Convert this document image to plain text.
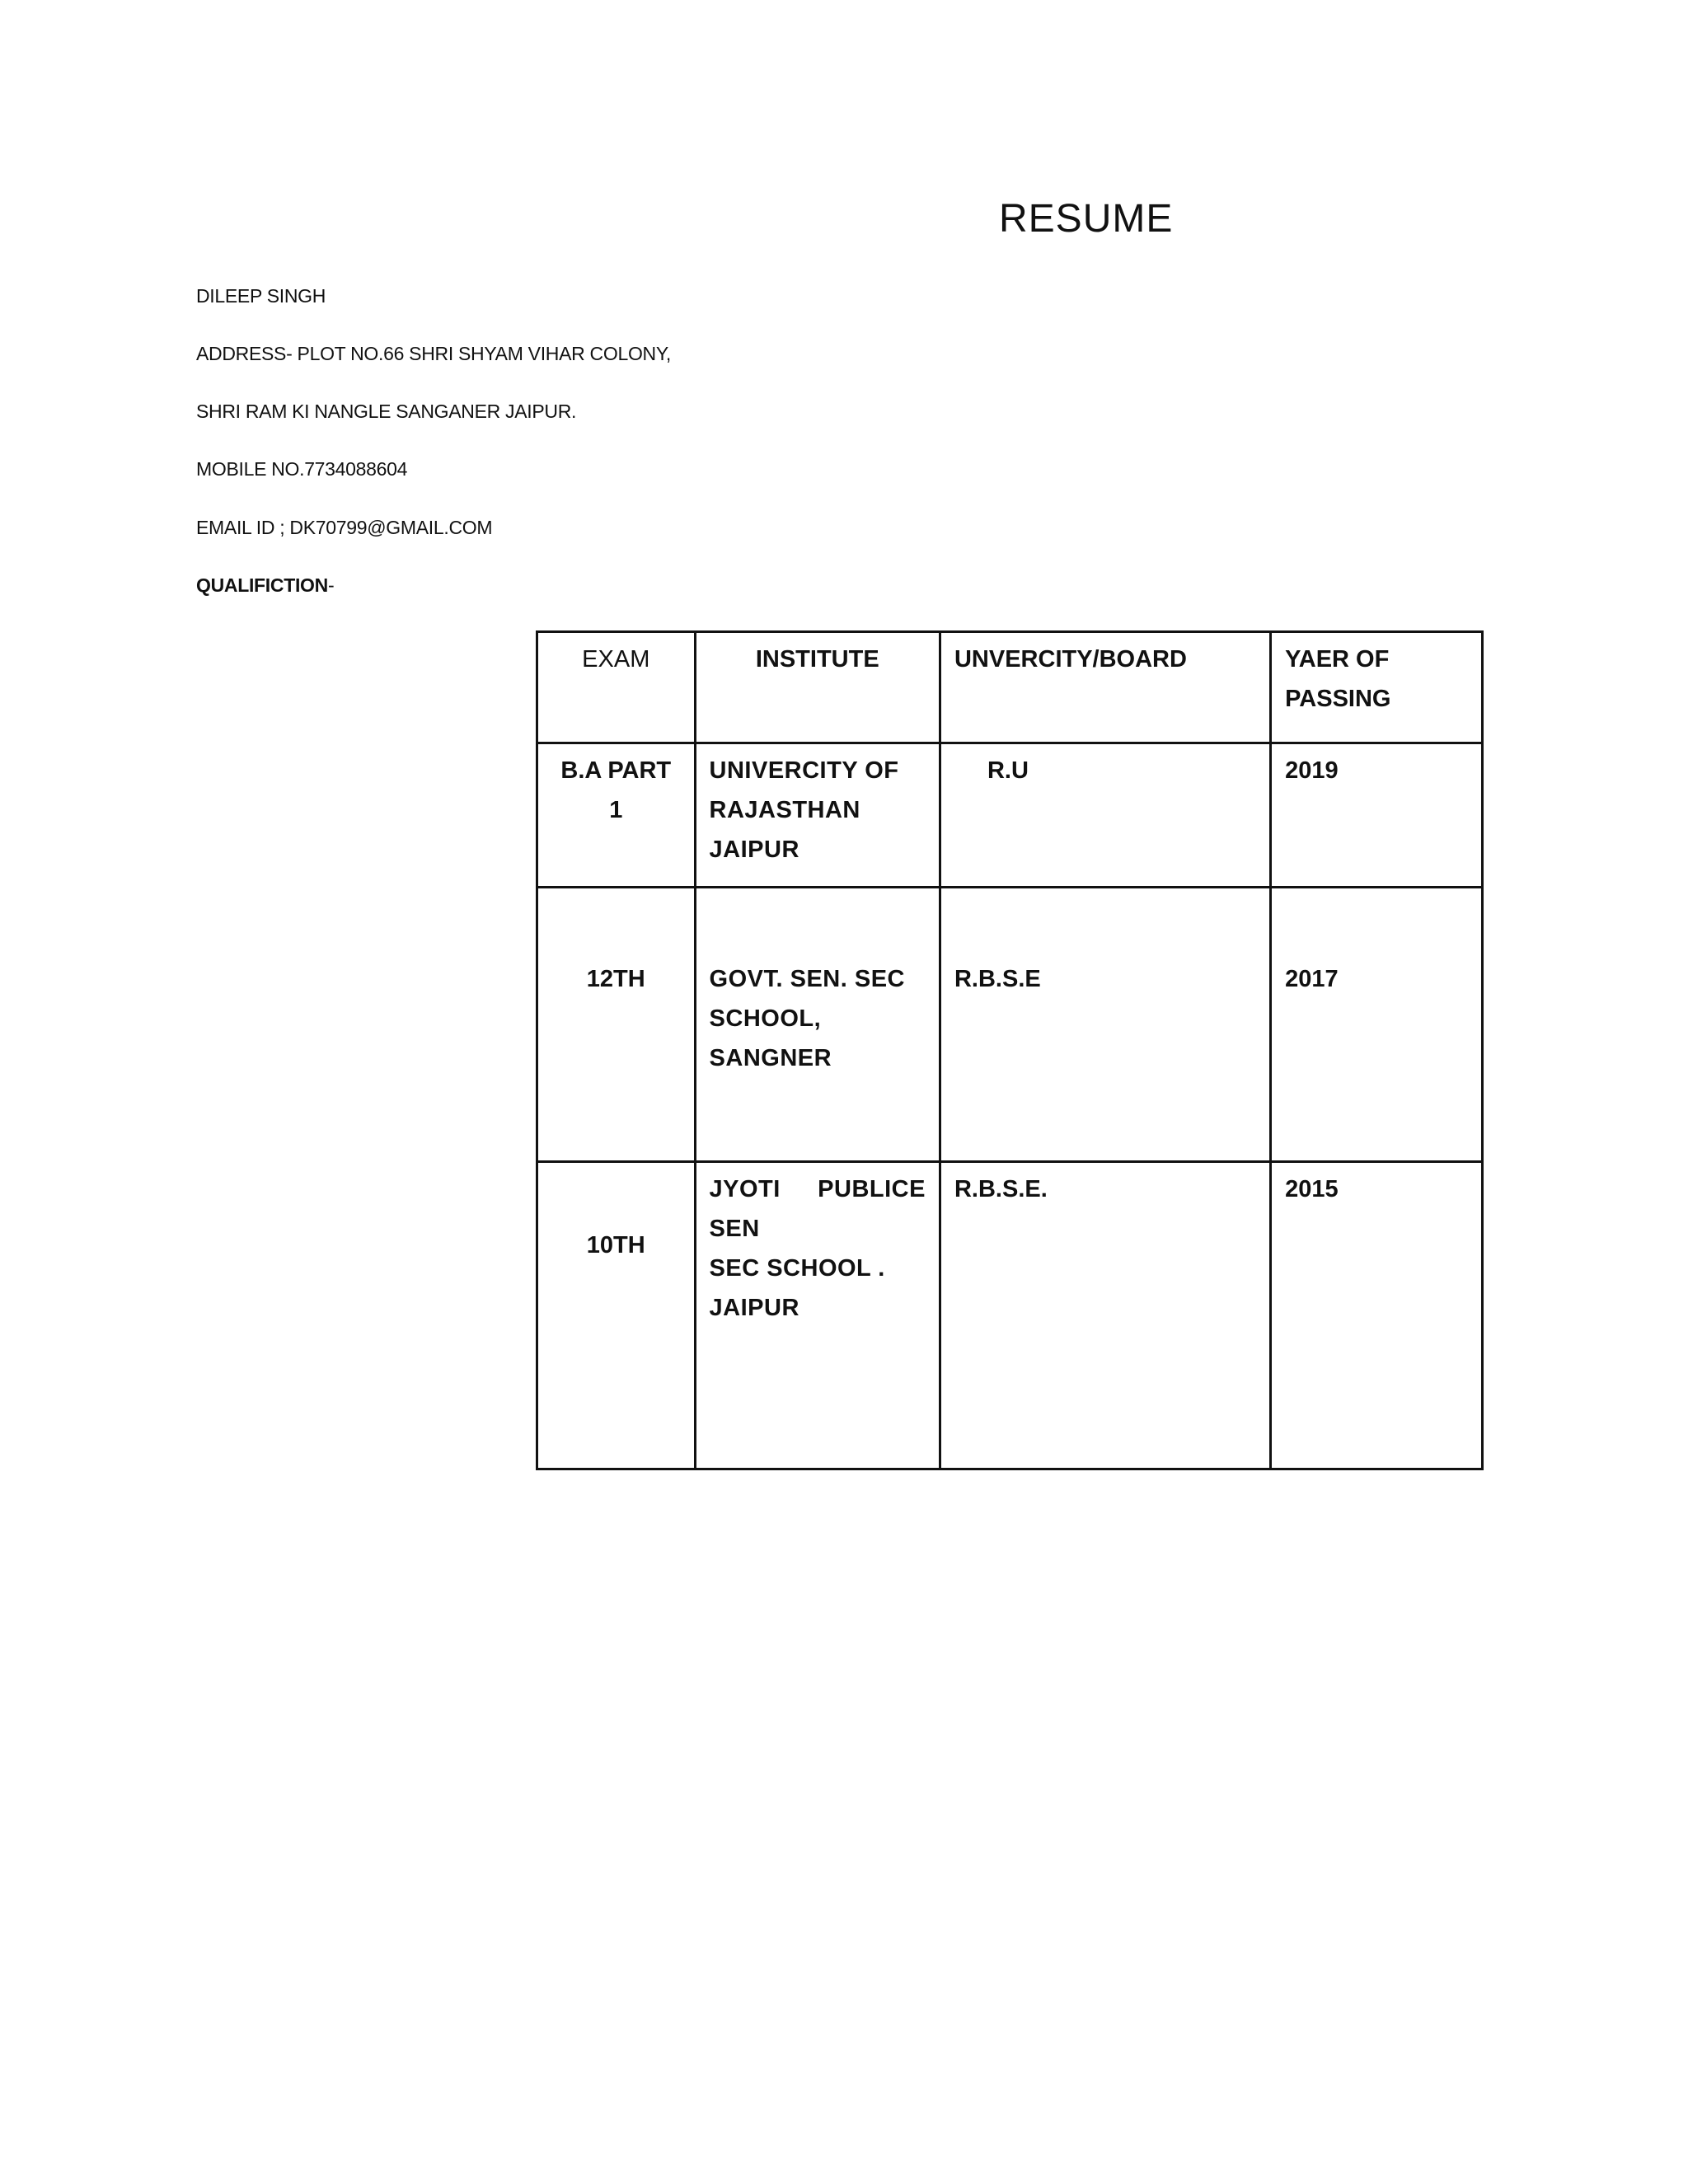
RESUME
DILEEP SINGH
ADDRESS- PLOT NO.66 SHRI SHYAM VIHAR COLONY,
SHRI RAM KI NANGLE SANGANER JAIPUR.
MOBILE NO.7734088604
EMAIL ID ; DK70799@GMAIL.COM
QUALIFICTION-
EXAM	INSTITUTE	UNVERCITY/BOARD	YAER OF
PASSING
B.A PART 1	UNIVERCITY OF
RAJASTHAN
JAIPUR	R.U	2019
12TH	GOVT. SEN. SEC
SCHOOL,
SANGNER	R.B.S.E	2017
10TH	JYOTI PUBLICE SEN
SEC SCHOOL .
JAIPUR	R.B.S.E.	2015
